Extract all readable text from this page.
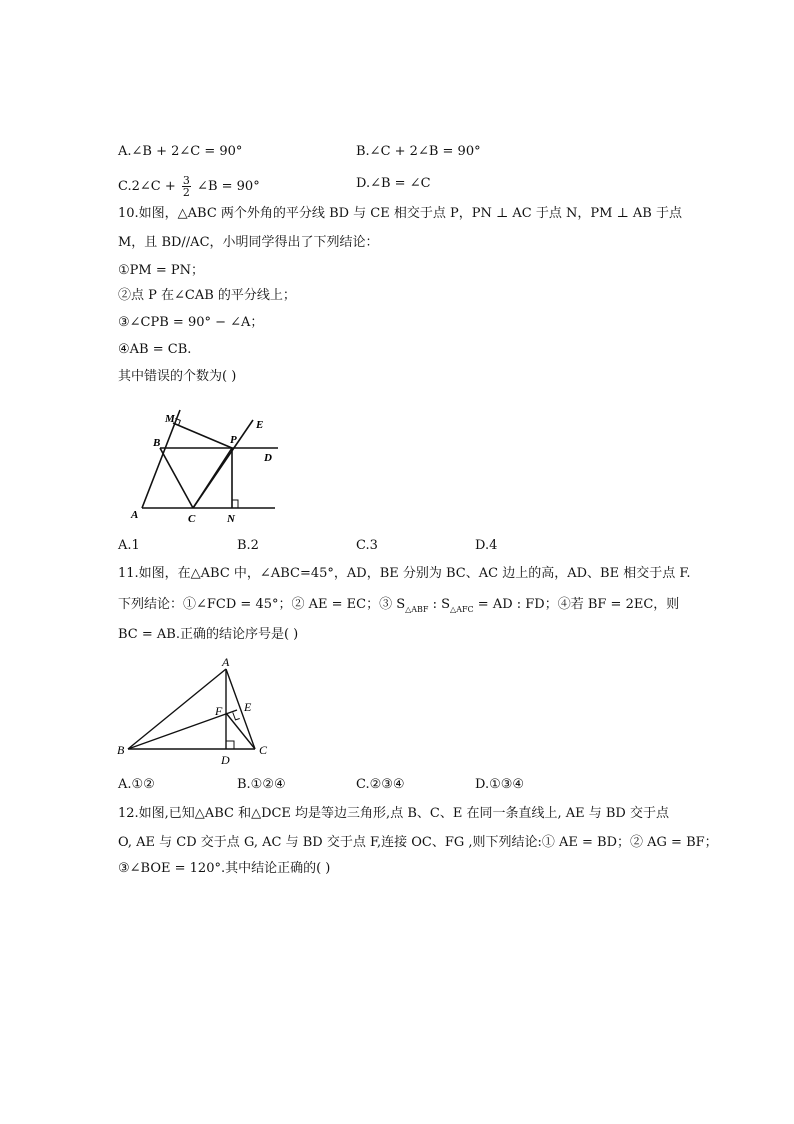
A.∠B + 2∠C = 90°	B.∠C + 2∠B = 90°
C.2∠C + $\frac{3}{2}$ ∠B = 90°	D.∠B = ∠C
10.如图，△ABC 两个外角的平分线 BD 与 CE 相交于点 P，PN ⊥ AC 于点 N，PM ⊥ AB 于点
M，且 BD//AC，小明同学得出了下列结论：
①PM = PN；
②点 P 在∠CAB 的平分线上；
③∠CPB = 90° − ∠A；
④AB = CB.
其中错误的个数为( )
M	E
B	P
D
A	C	N
A.1	B.2	C.3	D.4
11.如图，在△ABC 中，∠ABC=45°，AD，BE 分别为 BC、AC 边上的高，AD、BE 相交于点 F.
下列结论：①∠FCD = 45°；② AE = EC；③ $S_{\triangle ABF}$ : $S_{\triangle AFC}$ = AD : FD；④若 BF = 2EC，则
BC = AB.正确的结论序号是( )
A
F E
B
D
C
A.①②	B.①②④	C.②③④	D.①③④
12.如图,已知△ABC 和△DCE 均是等边三角形,点 B、C、E 在同一条直线上, AE 与 BD 交于点
O, AE 与 CD 交于点 G, AC 与 BD 交于点 F,连接 OC、FG ,则下列结论:① AE = BD；② AG = BF；
③∠BOE = 120°.其中结论正确的( )
